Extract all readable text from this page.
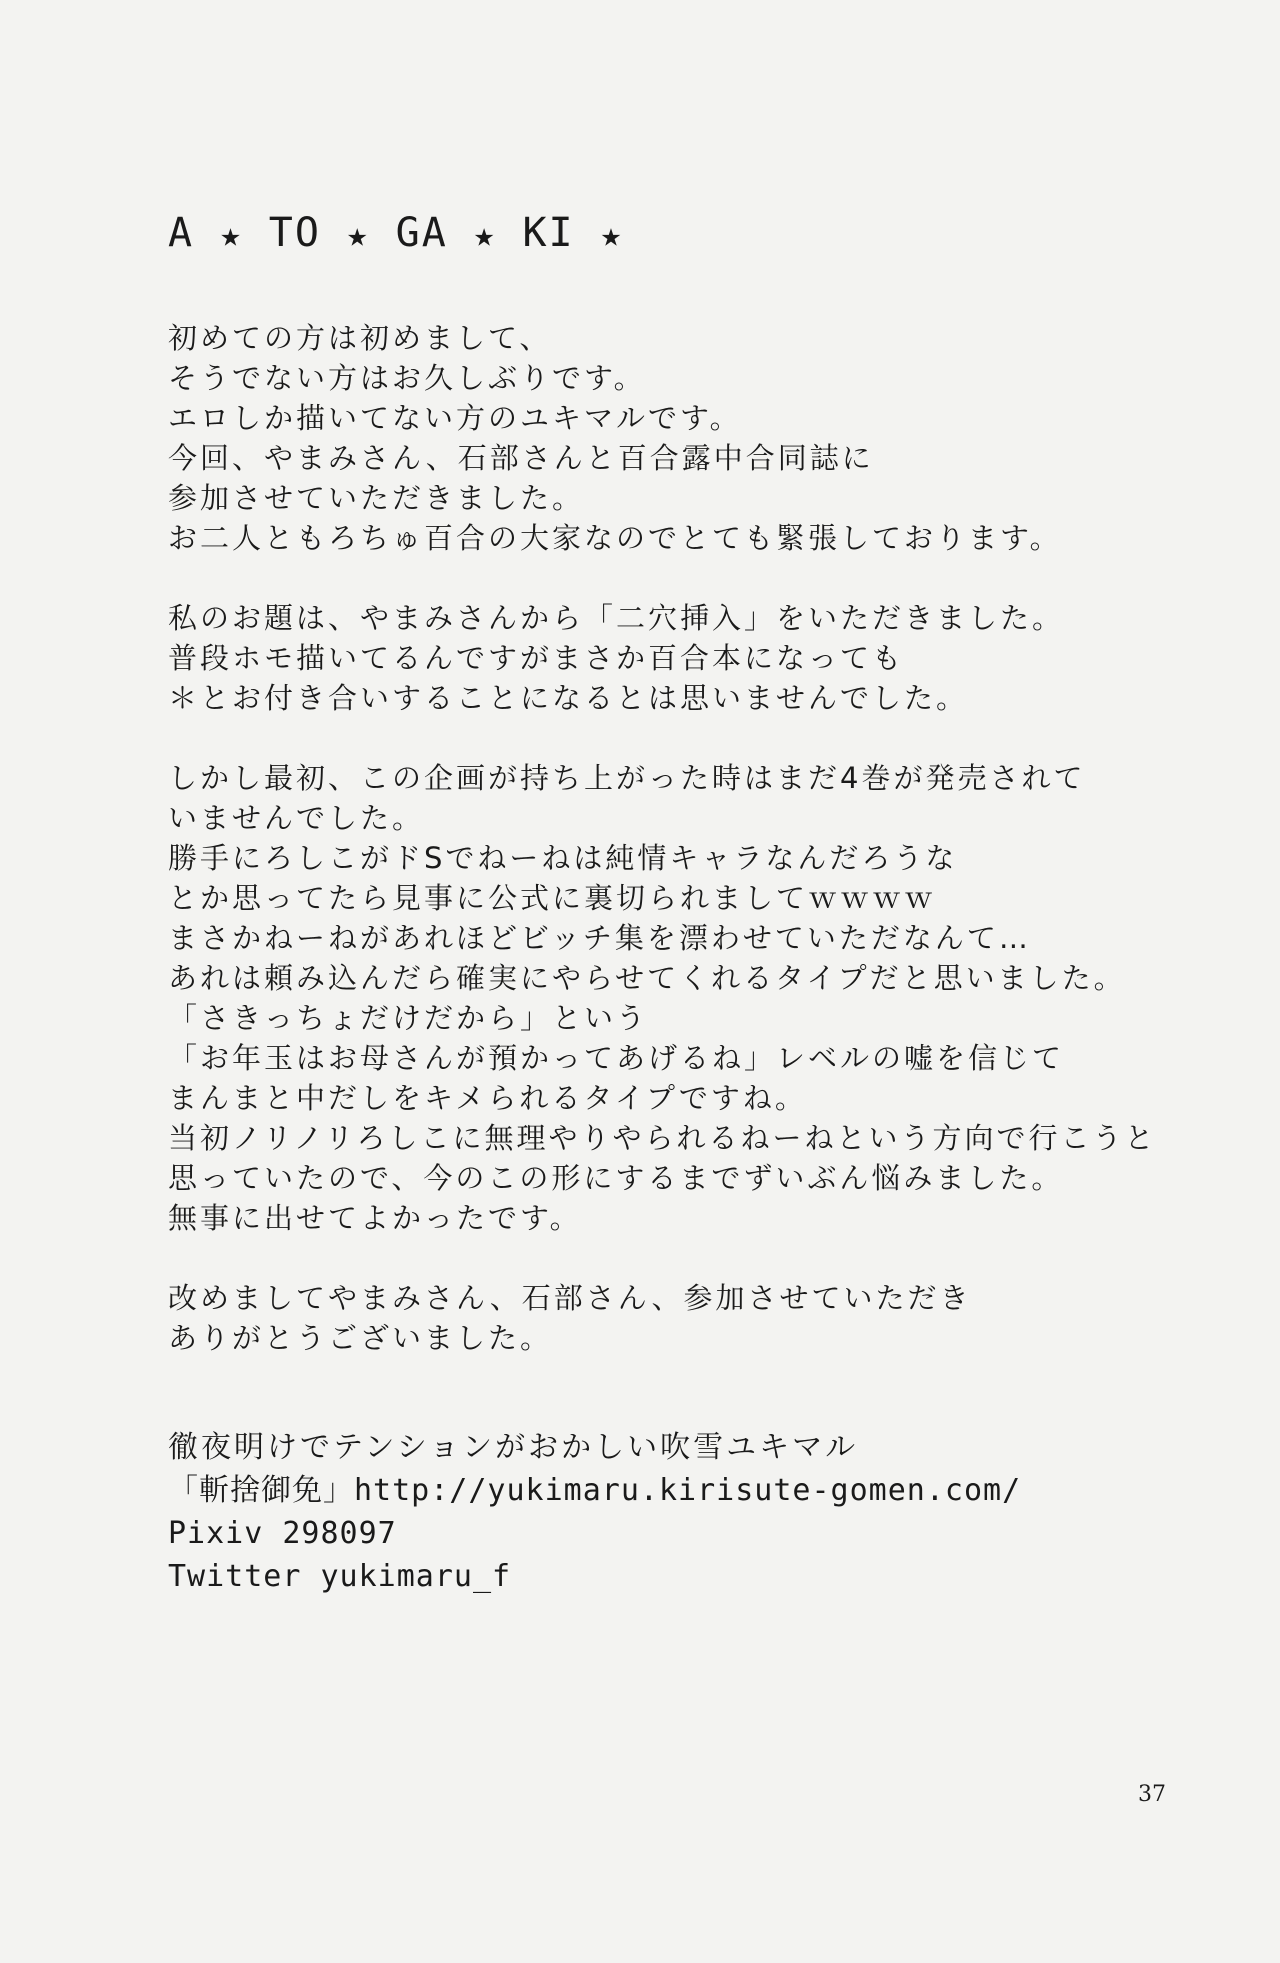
A ★ TO ★ GA ★ KI ★
初めての方は初めまして、
そうでない方はお久しぶりです。
エロしか描いてない方のユキマルです。
今回、やまみさん、石部さんと百合露中合同誌に
参加させていただきました。
お二人ともろちゅ百合の大家なのでとても緊張しております。
私のお題は、やまみさんから「二穴挿入」をいただきました。
普段ホモ描いてるんですがまさか百合本になっても
＊とお付き合いすることになるとは思いませんでした。
しかし最初、この企画が持ち上がった時はまだ4巻が発売されて
いませんでした。
勝手にろしこがドSでねーねは純情キャラなんだろうな
とか思ってたら見事に公式に裏切られましてｗｗｗｗ
まさかねーねがあれほどビッチ集を漂わせていただなんて…
あれは頼み込んだら確実にやらせてくれるタイプだと思いました。
「さきっちょだけだから」という
「お年玉はお母さんが預かってあげるね」レベルの嘘を信じて
まんまと中だしをキメられるタイプですね。
当初ノリノリろしこに無理やりやられるねーねという方向で行こうと
思っていたので、今のこの形にするまでずいぶん悩みました。
無事に出せてよかったです。
改めましてやまみさん、石部さん、参加させていただき
ありがとうございました。
徹夜明けでテンションがおかしい吹雪ユキマル
「斬捨御免」http://yukimaru.kirisute-gomen.com/
Pixiv 298097
Twitter yukimaru_f
37
